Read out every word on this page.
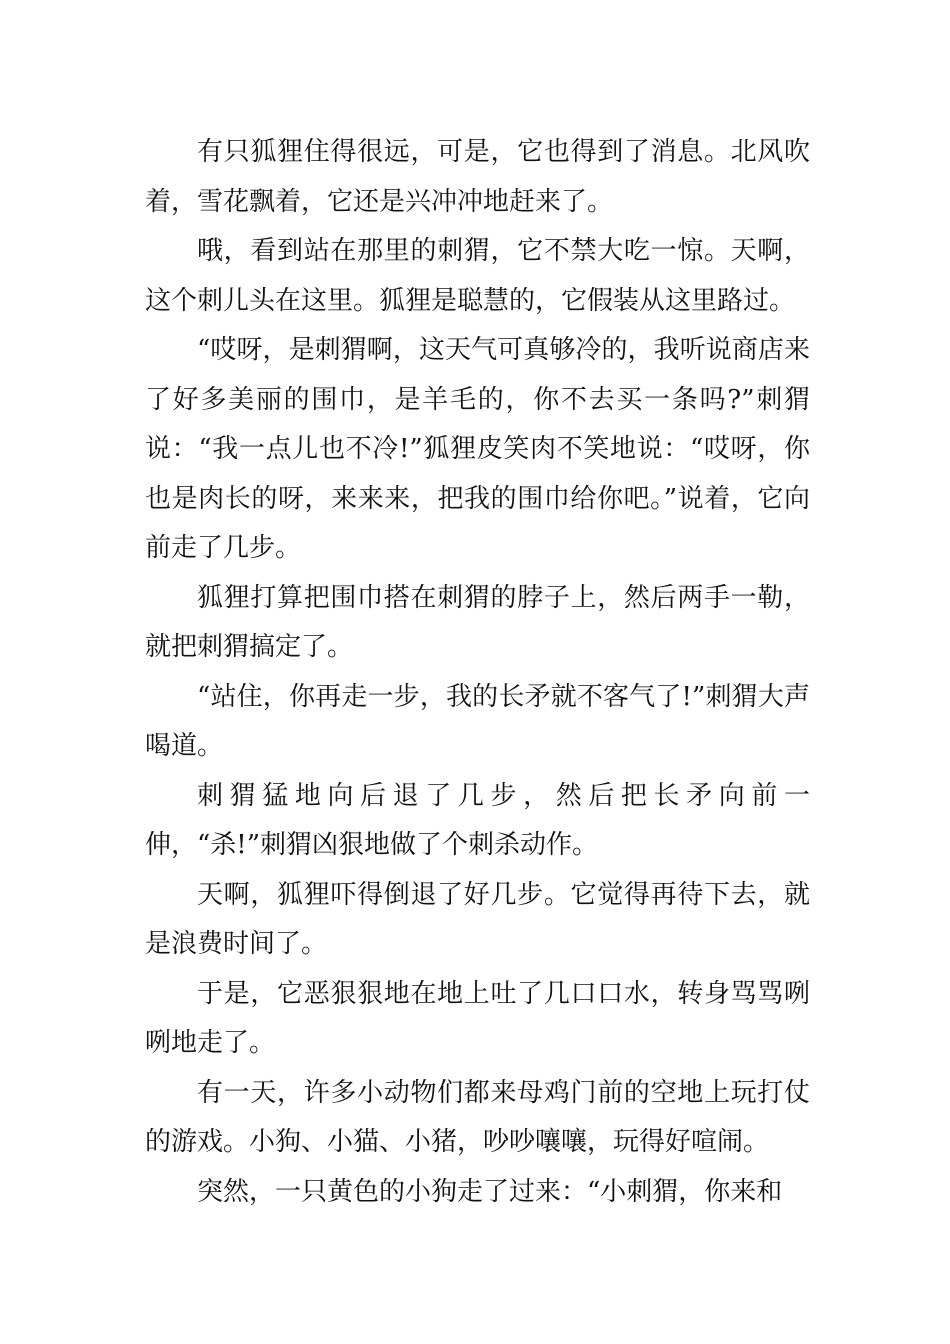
有只狐狸住得很远，可是，它也得到了消息。北风吹着，雪花飘着，它还是兴冲冲地赶来了。

哦，看到站在那里的刺猬，它不禁大吃一惊。天啊，这个刺儿头在这里。狐狸是聪慧的，它假装从这里路过。

“哎呀，是刺猬啊，这天气可真够冷的，我听说商店来了好多美丽的围巾，是羊毛的，你不去买一条吗?”刺猬说：“我一点儿也不冷!”狐狸皮笑肉不笑地说：“哎呀，你也是肉长的呀，来来来，把我的围巾给你吧。”说着，它向前走了几步。

狐狸打算把围巾搭在刺猬的脖子上，然后两手一勒，就把刺猬搞定了。

“站住，你再走一步，我的长矛就不客气了!”刺猬大声喝道。

刺猬猛地向后退了几步，然后把长矛向前一伸，“杀!”刺猬凶狠地做了个刺杀动作。

天啊，狐狸吓得倒退了好几步。它觉得再待下去，就是浪费时间了。

于是，它恶狠狠地在地上吐了几口口水，转身骂骂咧咧地走了。

有一天，许多小动物们都来母鸡门前的空地上玩打仗的游戏。小狗、小猫、小猪，吵吵嚷嚷，玩得好喧闹。

突然，一只黄色的小狗走了过来：“小刺猬，你来和
